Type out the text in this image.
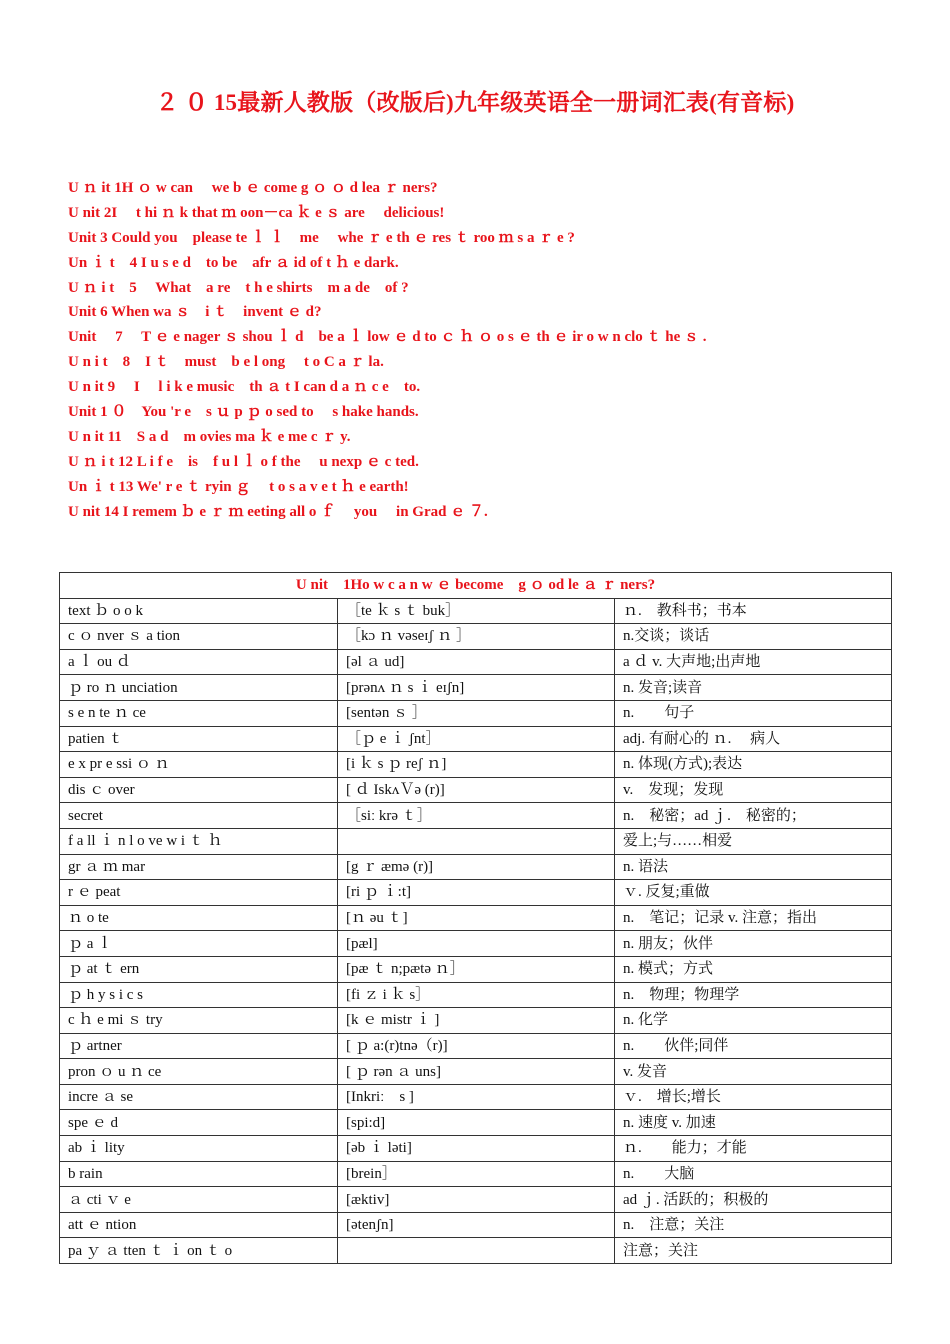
２ ０ 15最新人教版（改版后)九年级英语全一册词汇表(有音标)
U ｎ it 1H ｏ w can　 we b ｅ come g ｏ ｏ d lea ｒ ners?
U nit 2I　 t hi ｎ k that ｍ oon－ca ｋ e ｓ are　 delicious!
Unit 3 Could you　please te ｌ ｌ　me　 whe ｒ e th ｅ res ｔ roo ｍ s a ｒ e ?
Un ｉ t　4 I u s e d　to be　afr ａ id of t ｈ e dark.
U ｎ i t　5　 What　a re　t h e shirts　m a de　of ?
Unit 6 When wa ｓ　i ｔ　invent ｅ d?
Unit　 7　 T ｅ e nager ｓ shou ｌ d　be a ｌ low ｅ d to ｃ ｈ ｏ o s ｅ th ｅ ir o w n clo ｔ he ｓ .
U n i t　8　I ｔ　must　b e l ong　 t o C a ｒ la.
U n it 9　 I　 l i k e music　th ａ t I can d a ｎ c e　to.
Unit 1 ０　You 'r e　s ｕ p ｐ o sed to　 s hake hands.
U n it 11　S a d　m ovies ma ｋ e me c ｒ y.
U ｎ i t 12 L i f e　is　f u l ｌ o f the　 u nexp ｅ c ted.
Un ｉ t 13 We' r e ｔ ryin ｇ　 t o s a v e t ｈ e earth!
U nit 14 I remem ｂ e ｒ ｍ eeting all o ｆ　 you　 in Grad ｅ ７.
U nit　1Ho w c a n w ｅ become　g ｏ od le ａ ｒ ners?		
text ｂ o o k	［te ｋ s ｔ buk］	ｎ.　教科书；书本
c ｏ nver ｓ a tion	［kɔ ｎ vəseɪʃ ｎ ］	n.交谈；谈话
a ｌ ou ｄ	[əl ａ ud]	a ｄ v. 大声地;出声地
ｐ ro ｎ unciation	[prənʌ ｎ s ｉ eɪʃn]	n. 发音;读音
s e n te ｎ ce	[sentən ｓ ］	n.　　句子
patien ｔ	［ｐ e ｉ ʃnt］	adj. 有耐心的 ｎ.　 病人
e x pr e ssi ｏ ｎ	[i ｋ s ｐ reʃ ｎ]	n. 体现(方式);表达
dis ｃ over	[ ｄ IskʌＶə (r)]	v.　发现；发现
secret	［siː krə ｔ］	n.　秘密；ad ｊ.　秘密的；
f a ll ｉ n l o ve w i ｔ ｈ		爱上;与……相爱
gr ａ ｍ mar	[g ｒ æmə (r)]	n. 语法
r ｅ peat	[ri ｐ ｉ:t]	ｖ. 反复;重做
ｎ o te	[ｎ əu ｔ]	n.　笔记；记录 v. 注意；指出
ｐ a ｌ	[pæl]	n. 朋友；伙伴
ｐ at ｔ ern	[pæ ｔ n;pætə ｎ］	n. 模式；方式
ｐ h y s i c s	[fi ｚ i ｋ s］	n.　物理；物理学
c ｈ e mi ｓ try	[k ｅ mistr ｉ ]	n. 化学
ｐ artner	[ ｐ a:(r)tnə（r)]	n.　　伙伴;同伴
pron ｏ u ｎ ce	[ ｐ rən ａ uns]	v. 发音
incre ａ se	[Inkriː　s ]	ｖ.　增长;增长
spe ｅ d	[spi:d]	n. 速度 v. 加速
ab ｉ lity	[əb ｉ ləti]	ｎ.　　能力；才能
b rain	[brein］	n.　　大脑
ａ cti ｖ e	[æktiv]	ad ｊ. 活跃的；积极的
att ｅ ntion	[ətenʃn]	n.　注意；关注
pa ｙ ａ tten ｔ ｉ on ｔ o		注意；关注
